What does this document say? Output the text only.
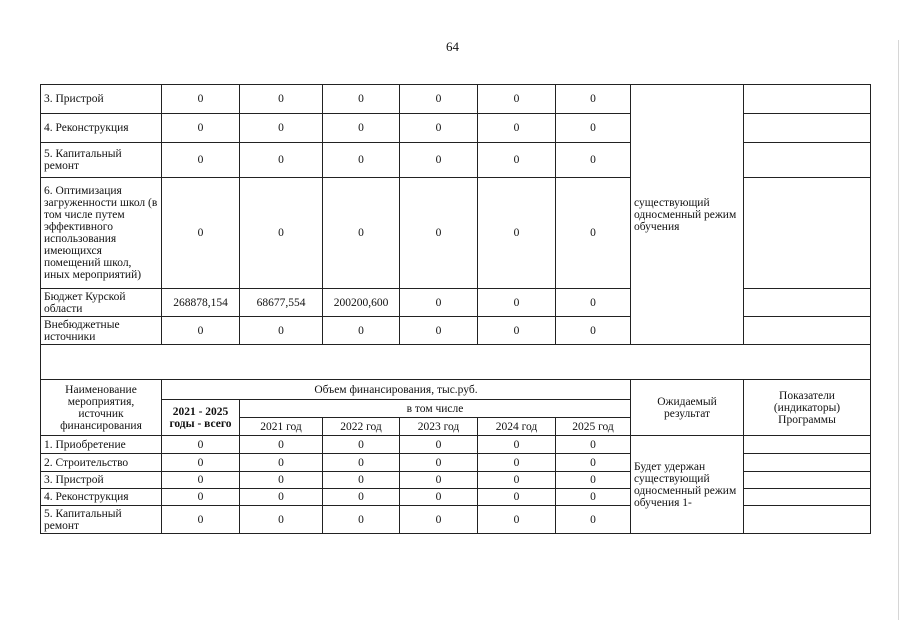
64
3. Пристрой	0	0	0	0	0	0	существующий односменный режим обучения	
4. Реконструкция	0	0	0	0	0	0		
5. Капитальный ремонт	0	0	0	0	0	0		
6. Оптимизация загруженности школ (в том числе путем эффективного использования имеющихся помещений школ, иных мероприятий)	0	0	0	0	0	0		
Бюджет Курской области	268878,154	68677,554	200200,600	0	0	0		
Внебюджетные источники	0	0	0	0	0	0		

Наименование мероприятия, источник финансирования	Объем финансирования, тыс.руб.						Ожидаемый результат	Показатели (индикаторы) Программы
	2021 - 2025 годы - всего	в том числе						
		2021 год	2022 год	2023 год	2024 год	2025 год		
1. Приобретение	0	0	0	0	0	0	Будет удержан существующий односменный режим обучения 1-	
2. Строительство	0	0	0	0	0	0		
3. Пристрой	0	0	0	0	0	0		
4. Реконструкция	0	0	0	0	0	0		
5. Капитальный ремонт	0	0	0	0	0	0		
